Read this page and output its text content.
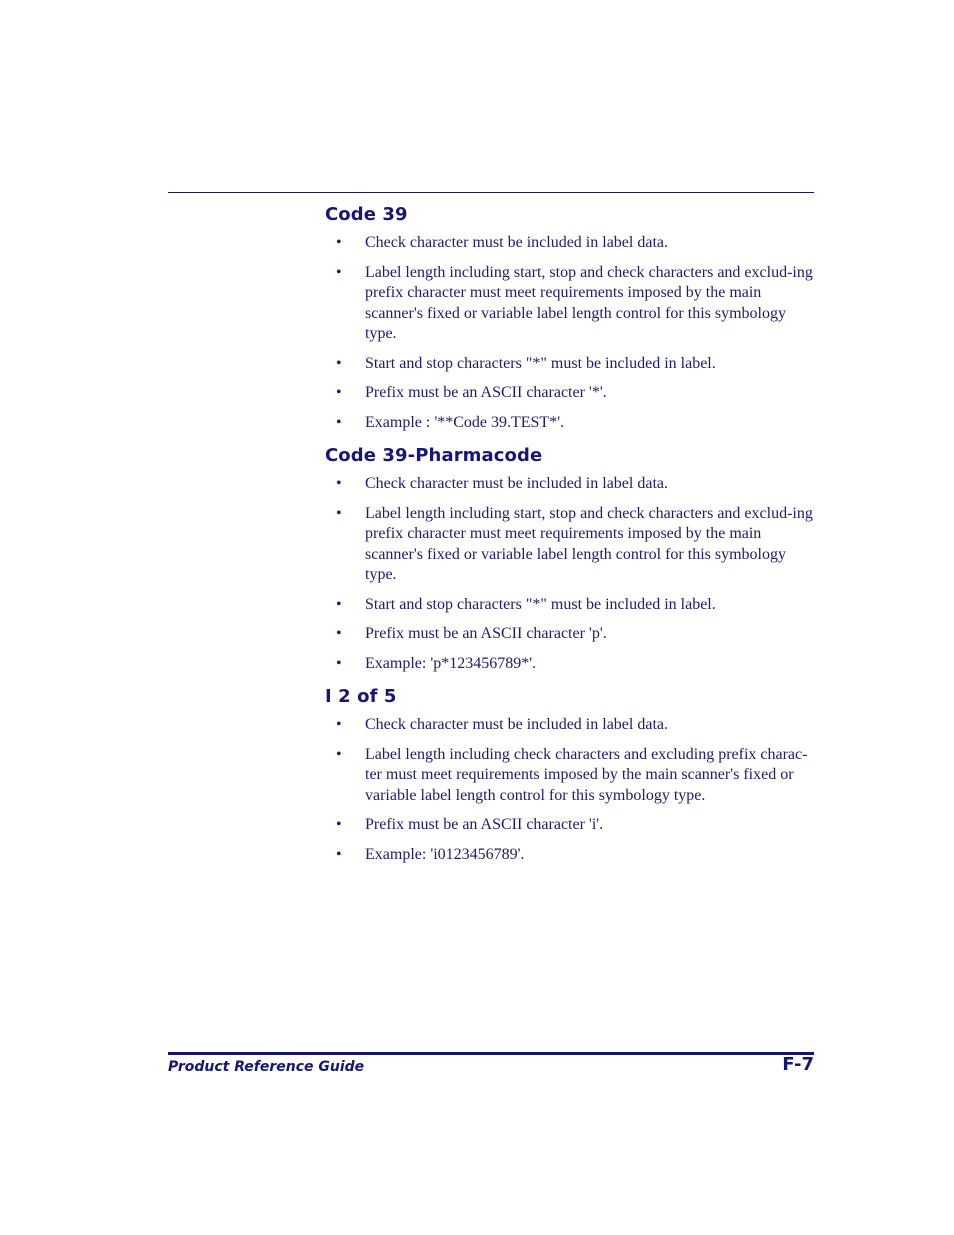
Code 39
• Check character must be included in label data.
• Label length including start, stop and check characters and exclud-ing prefix character must meet requirements imposed by the main scanner's fixed or variable label length control for this symbology type.
• Start and stop characters "*" must be included in label.
• Prefix must be an ASCII character '*'.
• Example : '**Code 39.TEST*'.
Code 39-Pharmacode
• Check character must be included in label data.
• Label length including start, stop and check characters and exclud-ing prefix character must meet requirements imposed by the main scanner's fixed or variable label length control for this symbology type.
• Start and stop characters "*" must be included in label.
• Prefix must be an ASCII character 'p'.
• Example: 'p*123456789*'.
I 2 of 5
• Check character must be included in label data.
• Label length including check characters and excluding prefix charac-ter must meet requirements imposed by the main scanner's fixed or variable label length control for this symbology type.
• Prefix must be an ASCII character 'i'.
• Example: 'i0123456789'.
Product Reference Guide	F-7
